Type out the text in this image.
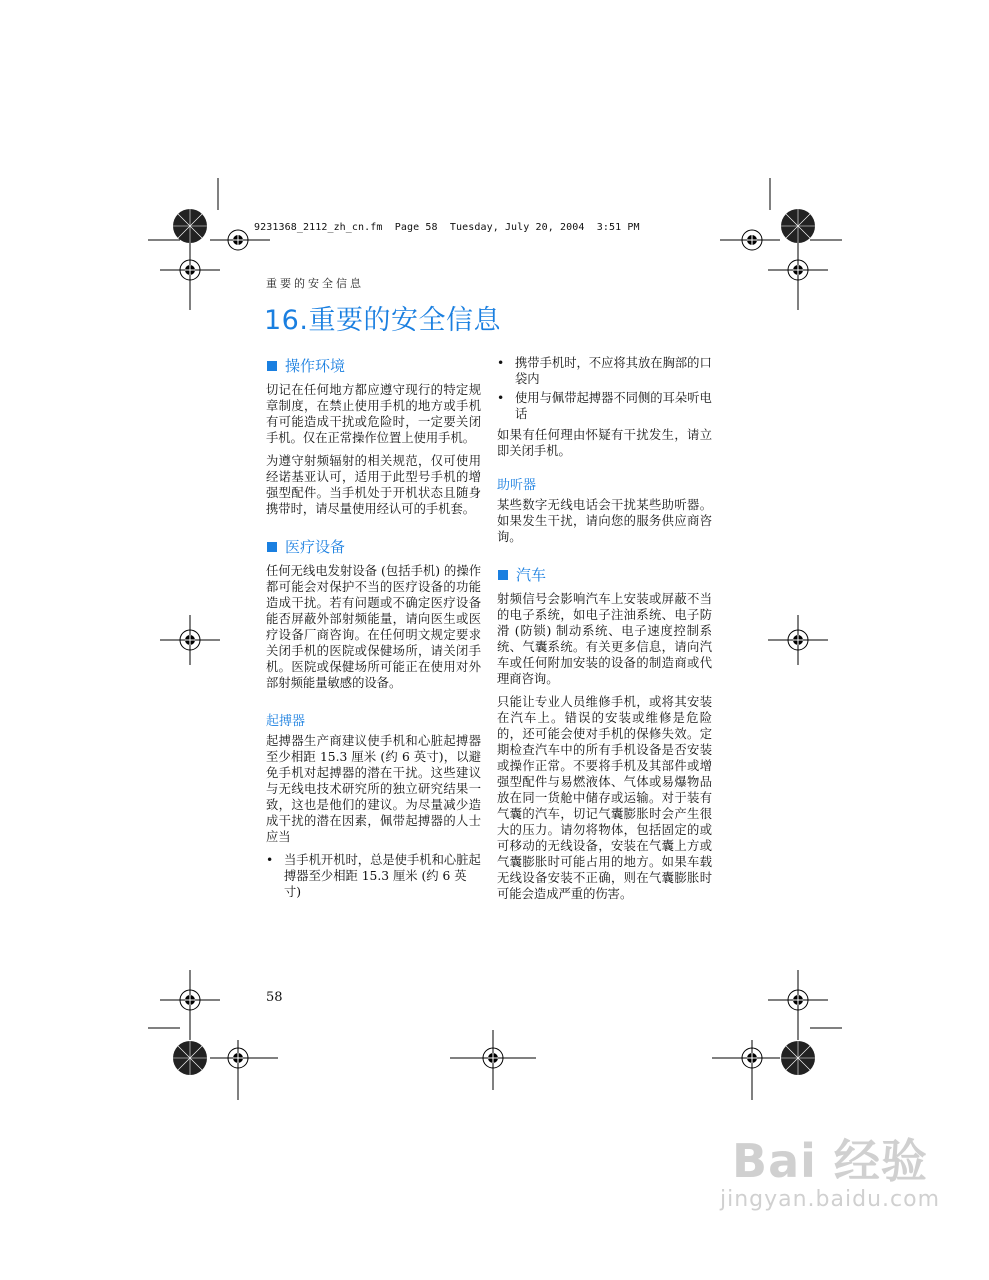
9231368_2112_zh_cn.fm  Page 58  Tuesday, July 20, 2004  3:51 PM
重要的安全信息
16.重要的安全信息
操作环境

切记在任何地方都应遵守现行的特定规章制度，在禁止使用手机的地方或手机有可能造成干扰或危险时，一定要关闭手机。仅在正常操作位置上使用手机。

为遵守射频辐射的相关规范，仅可使用经诺基亚认可，适用于此型号手机的增强型配件。当手机处于开机状态且随身携带时，请尽量使用经认可的手机套。

医疗设备

任何无线电发射设备 (包括手机) 的操作都可能会对保护不当的医疗设备的功能造成干扰。若有问题或不确定医疗设备能否屏蔽外部射频能量，请向医生或医疗设备厂商咨询。在任何明文规定要求关闭手机的医院或保健场所，请关闭手机。医院或保健场所可能正在使用对外部射频能量敏感的设备。

起搏器

起搏器生产商建议使手机和心脏起搏器至少相距 15.3 厘米 (约 6 英寸)，以避免手机对起搏器的潜在干扰。这些建议与无线电技术研究所的独立研究结果一致，这也是他们的建议。为尽量减少造成干扰的潜在因素，佩带起搏器的人士应当

• 当手机开机时，总是使手机和心脏起搏器至少相距 15.3 厘米 (约 6 英寸)
• 携带手机时，不应将其放在胸部的口袋内
• 使用与佩带起搏器不同侧的耳朵听电话

如果有任何理由怀疑有干扰发生，请立即关闭手机。

助听器

某些数字无线电话会干扰某些助听器。如果发生干扰，请向您的服务供应商咨询。

汽车

射频信号会影响汽车上安装或屏蔽不当的电子系统，如电子注油系统、电子防滑 (防锁) 制动系统、电子速度控制系统、气囊系统。有关更多信息，请向汽车或任何附加安装的设备的制造商或代理商咨询。

只能让专业人员维修手机，或将其安装在汽车上。错误的安装或维修是危险的，还可能会使对手机的保修失效。定期检查汽车中的所有手机设备是否安装或操作正常。不要将手机及其部件或增强型配件与易燃液体、气体或易爆物品放在同一货舱中储存或运输。对于装有气囊的汽车，切记气囊膨胀时会产生很大的压力。请勿将物体，包括固定的或可移动的无线设备，安装在气囊上方或气囊膨胀时可能占用的地方。如果车载无线设备安装不正确，则在气囊膨胀时可能会造成严重的伤害。

58
Bai 经验
jingyan.baidu.com
